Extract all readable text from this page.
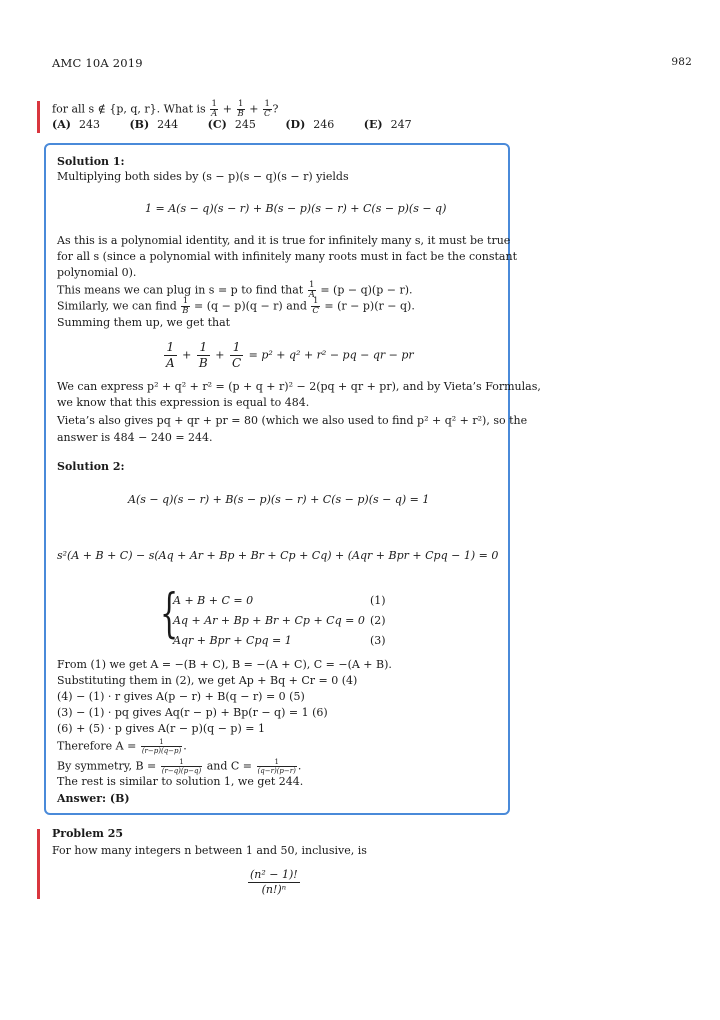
AMC 10A 2019	982
for all s ∉ {p, q, r}. What is $\frac{1}{A} + \frac{1}{B} + \frac{1}{C}$ ?
(A) 243	(B) 244	(C) 245	(D) 246	(E) 247
Solution 1:
Multiplying both sides by (s − p)(s − q)(s − r) yields
1 = A(s − q)(s − r) + B(s − p)(s − r) + C(s − p)(s − q)
As this is a polynomial identity, and it is true for infinitely many s, it must be true
for all s (since a polynomial with infinitely many roots must in fact be the constant
polynomial 0).
This means we can plug in s = p to find that $\frac{1}{A} = (p - q)(p - r)$.
Similarly, we can find $\frac{1}{B} = (q - p)(q - r)$ and $\frac{1}{C} = (r - p)(r - q)$.
Summing them up, we get that
$\frac{1}{A} + \frac{1}{B} + \frac{1}{C} = p^2 + q^2 + r^2$ − pq − qr − pr
We can express p² + q² + r² = (p + q + r)² − 2(pq + qr + pr), and by Vieta’s Formulas,
we know that this expression is equal to 484.
Vieta’s also gives pq + qr + pr = 80 (which we also used to find p² + q² + r²), so the
answer is 484 − 240 = 244.
Solution 2:
A(s − q)(s − r) + B(s − p)(s − r) + C(s − p)(s − q) = 1
s²(A + B + C) − s(Aq + Ar + Bp + Br + Cp + Cq) + (Aqr + Bpr + Cpq − 1) = 0
{
A + B + C = 0	(1)
Aq + Ar + Bp + Br + Cp + Cq = 0 (2)
Aqr + Bpr + Cpq = 1	(3)
From (1) we get A = −(B + C), B = −(A + C), C = −(A + B).
Substituting them in (2), we get Ap + Bq + Cr = 0 (4)
(4) − (1) · r gives A(p − r) + B(q − r) = 0 (5)
(3) − (1) · pq gives Aq(r − p) + Bp(r − q) = 1 (6)
(6) + (5) · p gives A(r − p)(q − p) = 1
Therefore $A = \frac{1}{(r-p)(q-p)}$ .
By symmetry, $B = \frac{1}{(r-q)(p-q)}$ and $C = \frac{1}{(q-r)(p-r)}$ .
The rest is similar to solution 1, we get 244.
Answer: (B)
Problem 25
For how many integers n between 1 and 50, inclusive, is
$\frac{\text{(n² − 1)!}}{\text{(n!)ⁿ}}$
